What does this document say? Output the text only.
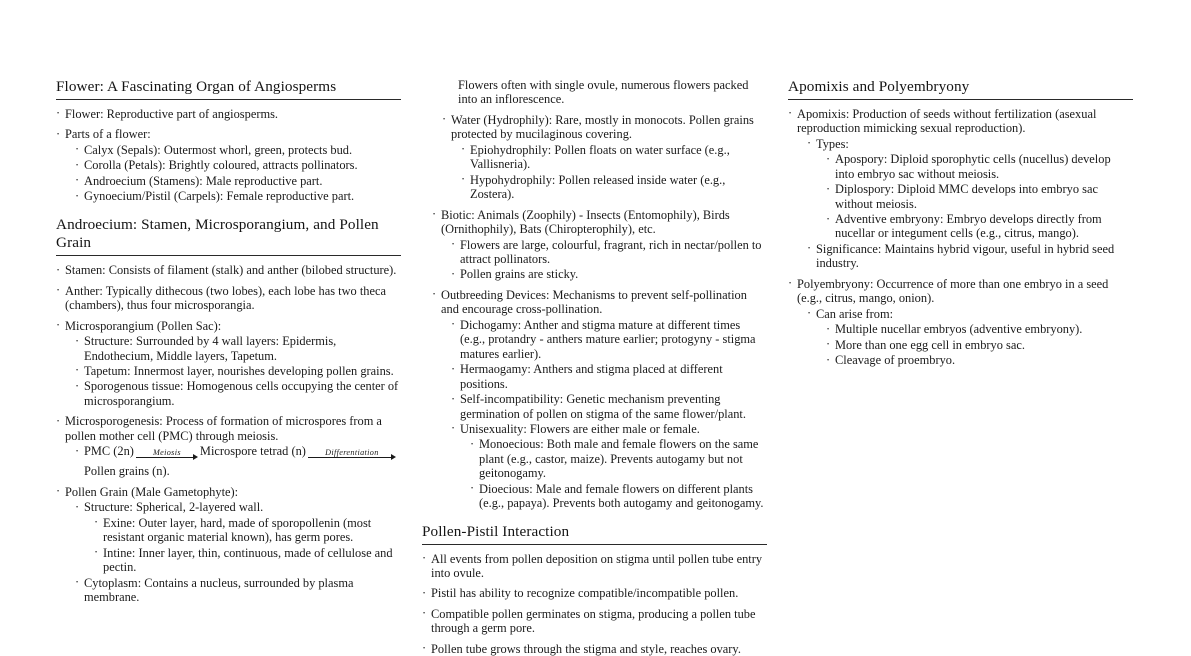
Flower: A Fascinating Organ of Angiosperms
· Flower: Reproductive part of angiosperms.
· Parts of a flower:
· Calyx (Sepals): Outermost whorl, green, protects bud.
· Corolla (Petals): Brightly coloured, attracts pollinators.
· Androecium (Stamens): Male reproductive part.
· Gynoecium/Pistil (Carpels): Female reproductive part.
Androecium: Stamen, Microsporangium, and Pollen Grain
· Stamen: Consists of filament (stalk) and anther (bilobed structure).
· Anther: Typically dithecous (two lobes), each lobe has two theca (chambers), thus four microsporangia.
· Microsporangium (Pollen Sac):
· Structure: Surrounded by 4 wall layers: Epidermis, Endothecium, Middle layers, Tapetum.
· Tapetum: Innermost layer, nourishes developing pollen grains.
· Sporogenous tissue: Homogenous cells occupying the center of microsporangium.
· Microsporogenesis: Process of formation of microspores from a pollen mother cell (PMC) through meiosis.
· PMC (2n)	Meiosis	Microspore tetrad (n)	Differentiation
Pollen grains (n).
· Pollen Grain (Male Gametophyte):
· Structure: Spherical, 2-layered wall.
· Exine: Outer layer, hard, made of sporopollenin (most resistant organic material known), has germ pores.
· Intine: Inner layer, thin, continuous, made of cellulose and pectin.
· Cytoplasm: Contains a nucleus, surrounded by plasma membrane.

Flowers often with single ovule, numerous flowers packed into an inflorescence.

· Water (Hydrophily): Rare, mostly in monocots. Pollen grains protected by mucilaginous covering.
· Epiohydrophily: Pollen floats on water surface (e.g., Vallisneria).
· Hypohydrophily: Pollen released inside water (e.g., Zostera).
· Biotic: Animals (Zoophily) - Insects (Entomophily), Birds (Ornithophily), Bats (Chiropterophily), etc.
· Flowers are large, colourful, fragrant, rich in nectar/pollen to attract pollinators.
· Pollen grains are sticky.
· Outbreeding Devices: Mechanisms to prevent self-pollination and encourage cross-pollination.
· Dichogamy: Anther and stigma mature at different times (e.g., protandry - anthers mature earlier; protogyny - stigma matures earlier).
· Hermaogamy: Anthers and stigma placed at different positions.
· Self-incompatibility: Genetic mechanism preventing germination of pollen on stigma of the same flower/plant.
· Unisexuality: Flowers are either male or female.
· Monoecious: Both male and female flowers on the same plant (e.g., castor, maize). Prevents autogamy but not geitonogamy.
· Dioecious: Male and female flowers on different plants (e.g., papaya). Prevents both autogamy and geitonogamy.
Pollen-Pistil Interaction
· All events from pollen deposition on stigma until pollen tube entry into ovule.
· Pistil has ability to recognize compatible/incompatible pollen.
· Compatible pollen germinates on stigma, producing a pollen tube through a germ pore.
· Pollen tube grows through the stigma and style, reaches ovary.
Apomixis and Polyembryony
· Apomixis: Production of seeds without fertilization (asexual reproduction mimicking sexual reproduction).
· Types:
· Apospory: Diploid sporophytic cells (nucellus) develop into embryo sac without meiosis.
· Diplospory: Diploid MMC develops into embryo sac without meiosis.
· Adventive embryony: Embryo develops directly from nucellar or integument cells (e.g., citrus, mango).
· Significance: Maintains hybrid vigour, useful in hybrid seed industry.
· Polyembryony: Occurrence of more than one embryo in a seed (e.g., citrus, mango, onion).
· Can arise from:
· Multiple nucellar embryos (adventive embryony).
· More than one egg cell in embryo sac.
· Cleavage of proembryo.
